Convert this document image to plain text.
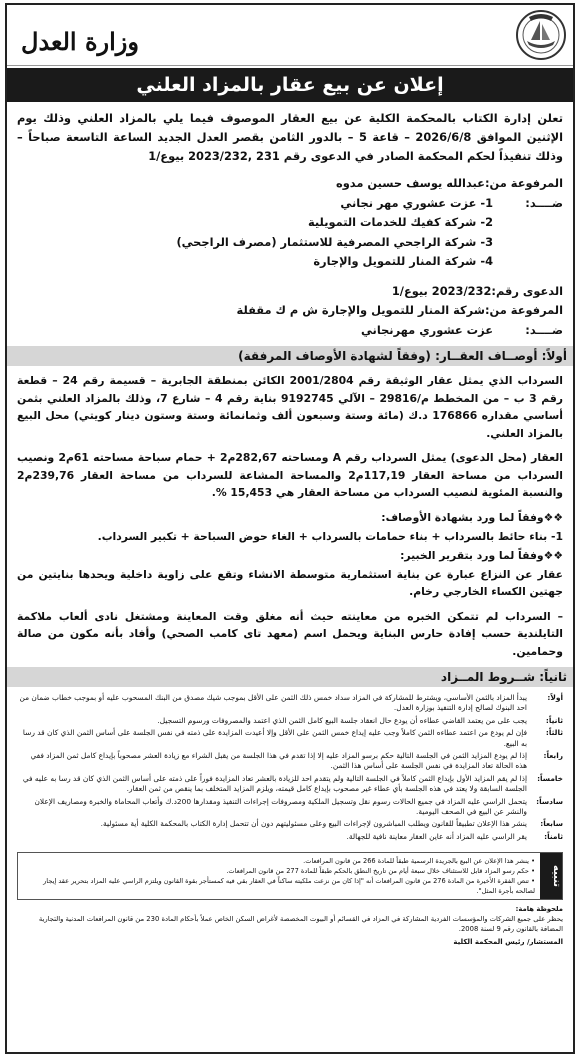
وزارة العدل
إعلان عن بيع عقار بالمزاد العلني

تعلن إدارة الكتاب بالمحكمة الكلية عن بيع العقار الموصوف فيما يلي بالمزاد العلني وذلك يوم الإثنين الموافق 2026/6/8 – قاعة 5 – بالدور الثامن بقصر العدل الجديد الساعة التاسعة صباحاً – وذلك تنفيذاً لحكم المحكمة الصادر في الدعوى رقم 231 ,2023/232 بيوع/1

المرفوعة من:عبدالله يوسف حسين مدوه
ضــــد:1- عزت عشوري مهر نجاني
2- شركة كفيك للخدمات التمويلية
3- شركة الراجحي المصرفية للاستثمار (مصرف الراجحي)
4- شركة المنار للتمويل والإجارة
الدعوى رقم:2023/232 بيوع/1
المرفوعة من:شركة المنار للتمويل والإجارة ش م ك مقفلة
ضــــد:عزت عشوري مهرنجاني
أولاً: أوصــاف العقــار: (وفقاً لشهادة الأوصاف المرفقة)

السرداب الذي يمثل عقار الوثيقة رقم 2001/2804 الكائن بمنطقة الجابرية – قسيمة رقم 24 – قطعة رقم 3 ب – من المخطط م/29816 – الآلي 9192745 بناية رقم 4 – شارع 7، وذلك بالمزاد العلني بثمن أساسي مقداره 176866 د.ك (مائة وستة وسبعون ألف وثمانمائة وستة وستون دينار كويتي) محل البيع بالمزاد العلني.

العقار (محل الدعوى) يمثل السرداب رقم A ومساحته 282,67م2 + حمام سباحة مساحته 61م2 ونصيب السرداب من مساحة العقار 117,19م2 والمساحة المشاعة للسرداب من مساحة العقار 239,76م2 والنسبة المئوية لنصيب السرداب من مساحة العقار هي 15,453 %.

❖❖وفقاً لما ورد بشهادة الأوصاف:
1- بناء حائط بالسرداب + بناء حمامات بالسرداب + الغاء حوض السباحة + تكبير السرداب.
❖❖وفقاً لما ورد بتقرير الخبير:

عقار عن النزاع عبارة عن بناية استثمارية متوسطة الانشاء وتقع على زاوية داخلية ويحدها بنايتين من جهتين الكساء الخارجي رخام.

– السرداب لم تتمكن الخبره من معاينته حيث أنه مغلق وقت المعاينة ومشتغل نادى ألعاب ملاكمة التايلندية حسب إفادة حارس البناية ويحمل اسم (معهد تاى كامب الصحي) وأفاد بأنه مكون من صالة وحمامين.

ثانياً: شــروط المــزاد
أولاً:
يبدأ المزاد بالثمن الأساسي، ويشترط للمشاركة في المزاد سداد خمس ذلك الثمن على الأقل بموجب شيك مصدق من البنك المسحوب عليه أو بموجب خطاب ضمان من احد البنوك لصالح إدارة التنفيذ بوزارة العدل.
ثانياً:
يجب على من يعتمد القاضي عطاءه أن يودع حال انعقاد جلسة البيع كامل الثمن الذي اعتمد والمصروفات ورسوم التسجيل.
ثالثاً:
فإن لم يودع من اعتمد عطاءه الثمن كاملاً وجب عليه إيداع خمس الثمن على الأقل وإلا أعيدت المزايدة على ذمته في نفس الجلسة على أساس الثمن الذي كان قد رسا به البيع.
رابعاً:
إذا لم يودع المزايد الثمن في الجلسة التالية حكم برسو المزاد عليه إلا إذا تقدم في هذا الجلسة من يقبل الشراء مع زيادة العشر مصحوباً بإيداع كامل ثمن المزاد ففي هذه الحالة تعاد المزايدة في نفس الجلسة على أساس هذا الثمن.
خامساً:
إذا لم يقم المزايد الأول بإيداع الثمن كاملاً في الجلسة التالية ولم يتقدم احد للزيادة بالعشر تعاد المزايدة فوراً على ذمته على أساس الثمن الذي كان قد رسا به عليه في الجلسة السابقة ولا يعتد في هذه الجلسة بأي عطاء غير مصحوب بإيداع كامل قيمته، ويلزم المزايد المتخلف بما ينقص من ثمن العقار.
سادساً:
يتحمل الراسي عليه المزاد في جميع الحالات رسوم نقل وتسجيل الملكية ومصروفات إجراءات التنفيذ ومقدارها 200د.ك وأتعاب المحاماة والخبرة ومصاريف الإعلان والنشر عن البيع في الصحف اليومية.
سابعاً:
ينشر هذا الإعلان تطبيقاً للقانون ويطلب المباشرون لإجراءات البيع وعلى مسئوليتهم دون أن تتحمل إدارة الكتاب بالمحكمة الكلية أية مسئولية.
ثامناً:
يقر الراسي عليه المزاد أنه عاين العقار معاينة نافية للجهالة.
تنبيه
• ينشر هذا الإعلان عن البيع بالجريدة الرسمية طبقاً للمادة 266 من قانون المرافعات.
• حكم رسو المزاد قابل للاستئناف خلال سبعة أيام من تاريخ النطق بالحكم طبقاً للمادة 277 من قانون المرافعات.
• تنص الفقرة الأخيرة من المادة 276 من قانون المرافعات أنه "إذا كان من نزعت ملكيته ساكناً في العقار بقي فيه كمستأجر بقوة القانون ويلتزم الراسي عليه المزاد بتحرير عقد إيجار لصالحه بأجرة المثل".
ملحوظة هامة:
يحظر على جميع الشركات والمؤسسات الفردية المشاركة في المزاد في القسائم أو البيوت المخصصة لأغراض السكن الخاص عملاً بأحكام المادة 230 من قانون المرافعات المدنية والتجارية المضافة بالقانون رقم 9 لسنة 2008.
المستشار/ رئيس المحكمة الكلية
